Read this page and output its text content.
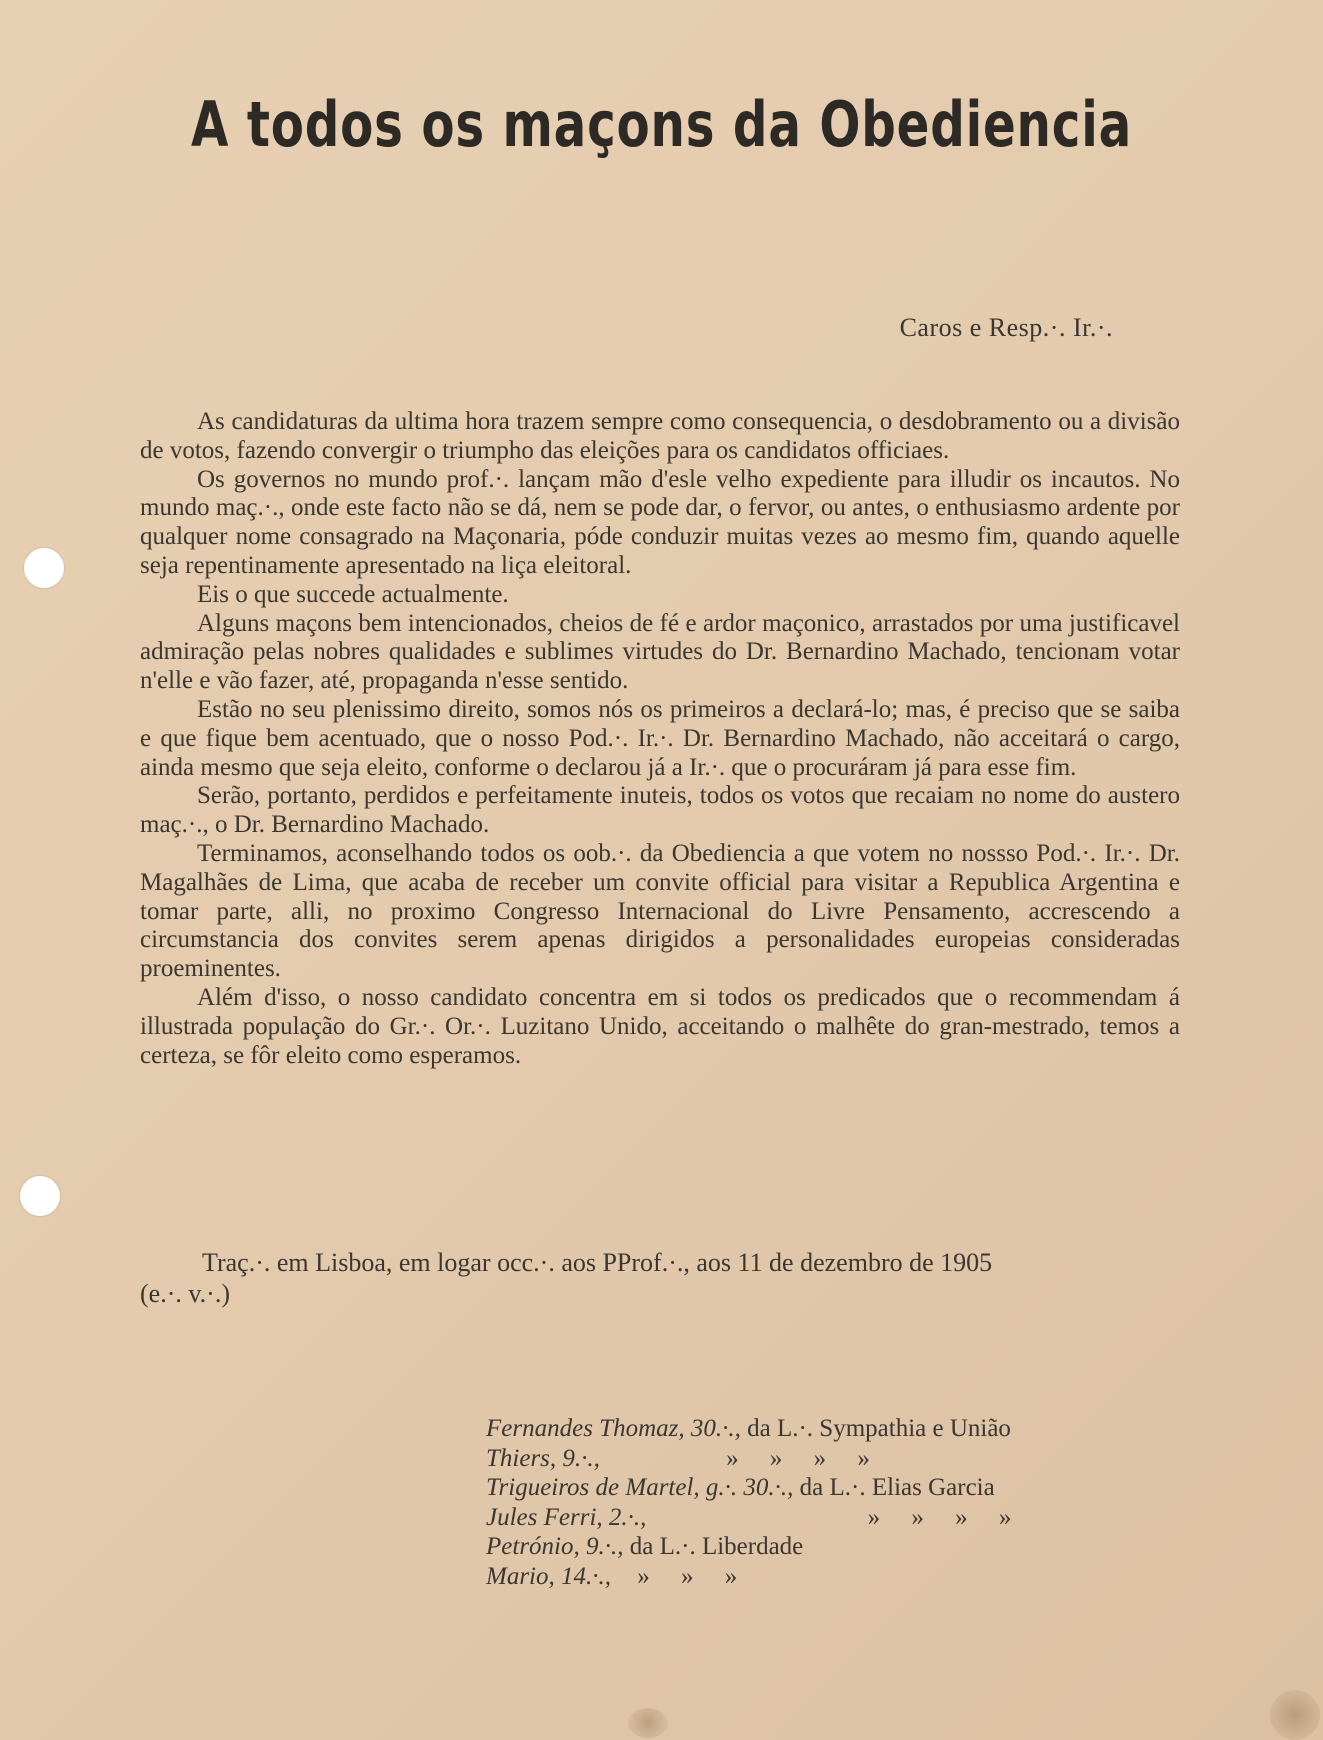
A todos os maçons da Obediencia
Caros e Resp.·. Ir.·.

As candidaturas da ultima hora trazem sempre como consequencia, o desdobramento ou a divisão de votos, fazendo convergir o triumpho das eleições para os candidatos officiaes.

Os governos no mundo prof.·. lançam mão d'esle velho expediente para illudir os incautos. No mundo maç.·., onde este facto não se dá, nem se pode dar, o fervor, ou antes, o enthusiasmo ardente por qualquer nome consagrado na Maçonaria, póde conduzir muitas vezes ao mesmo fim, quando aquelle seja repentinamente apresentado na liça eleitoral.

Eis o que succede actualmente.

Alguns maçons bem intencionados, cheios de fé e ardor maçonico, arrastados por uma justificavel admiração pelas nobres qualidades e sublimes virtudes do Dr. Bernardino Machado, tencionam votar n'elle e vão fazer, até, propaganda n'esse sentido.

Estão no seu plenissimo direito, somos nós os primeiros a declará-lo; mas, é preciso que se saiba e que fique bem acentuado, que o nosso Pod.·. Ir.·. Dr. Bernardino Machado, não acceitará o cargo, ainda mesmo que seja eleito, conforme o declarou já a Ir.·. que o procuráram já para esse fim.

Serão, portanto, perdidos e perfeitamente inuteis, todos os votos que recaiam no nome do austero maç.·., o Dr. Bernardino Machado.

Terminamos, aconselhando todos os oob.·. da Obediencia a que votem no nossso Pod.·. Ir.·. Dr. Magalhães de Lima, que acaba de receber um convite official para visitar a Republica Argentina e tomar parte, alli, no proximo Congresso Internacional do Livre Pensamento, accrescendo a circumstancia dos convites serem apenas dirigidos a personalidades europeias consideradas proeminentes.

Além d'isso, o nosso candidato concentra em si todos os predicados que o recommendam á illustrada população do Gr.·. Or.·. Luzitano Unido, acceitando o malhête do gran-mestrado, temos a certeza, se fôr eleito como esperamos.

Traç.·. em Lisboa, em logar occ.·. aos PProf.·., aos 11 de dezembro de 1905
(e.·. v.·.)
Fernandes Thomaz, 30.·., da L.·. Sympathia e União
Thiers, 9.·.,	»     »     »     »
Trigueiros de Martel, g.·. 30.·., da L.·. Elias Garcia
Jules Ferri, 2.·.,	»     »     »     »
Petrónio, 9.·., da L.·. Liberdade
Mario, 14.·., »     »     »
